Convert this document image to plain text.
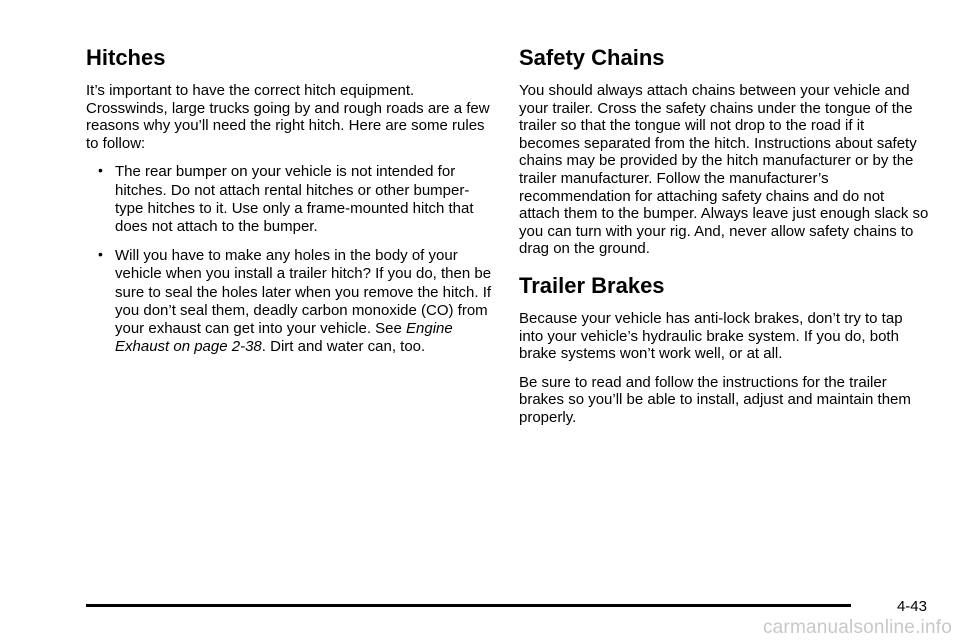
Hitches

It’s important to have the correct hitch equipment. Crosswinds, large trucks going by and rough roads are a few reasons why you’ll need the right hitch. Here are some rules to follow:

• The rear bumper on your vehicle is not intended for hitches. Do not attach rental hitches or other bumper-type hitches to it. Use only a frame-mounted hitch that does not attach to the bumper.
• Will you have to make any holes in the body of your vehicle when you install a trailer hitch? If you do, then be sure to seal the holes later when you remove the hitch. If you don’t seal them, deadly carbon monoxide (CO) from your exhaust can get into your vehicle. See Engine Exhaust on page 2-38. Dirt and water can, too.
Safety Chains

You should always attach chains between your vehicle and your trailer. Cross the safety chains under the tongue of the trailer so that the tongue will not drop to the road if it becomes separated from the hitch. Instructions about safety chains may be provided by the hitch manufacturer or by the trailer manufacturer. Follow the manufacturer’s recommendation for attaching safety chains and do not attach them to the bumper. Always leave just enough slack so you can turn with your rig. And, never allow safety chains to drag on the ground.

Trailer Brakes

Because your vehicle has anti-lock brakes, don’t try to tap into your vehicle’s hydraulic brake system. If you do, both brake systems won’t work well, or at all.

Be sure to read and follow the instructions for the trailer brakes so you’ll be able to install, adjust and maintain them properly.

4-43
carmanualsonline.info
